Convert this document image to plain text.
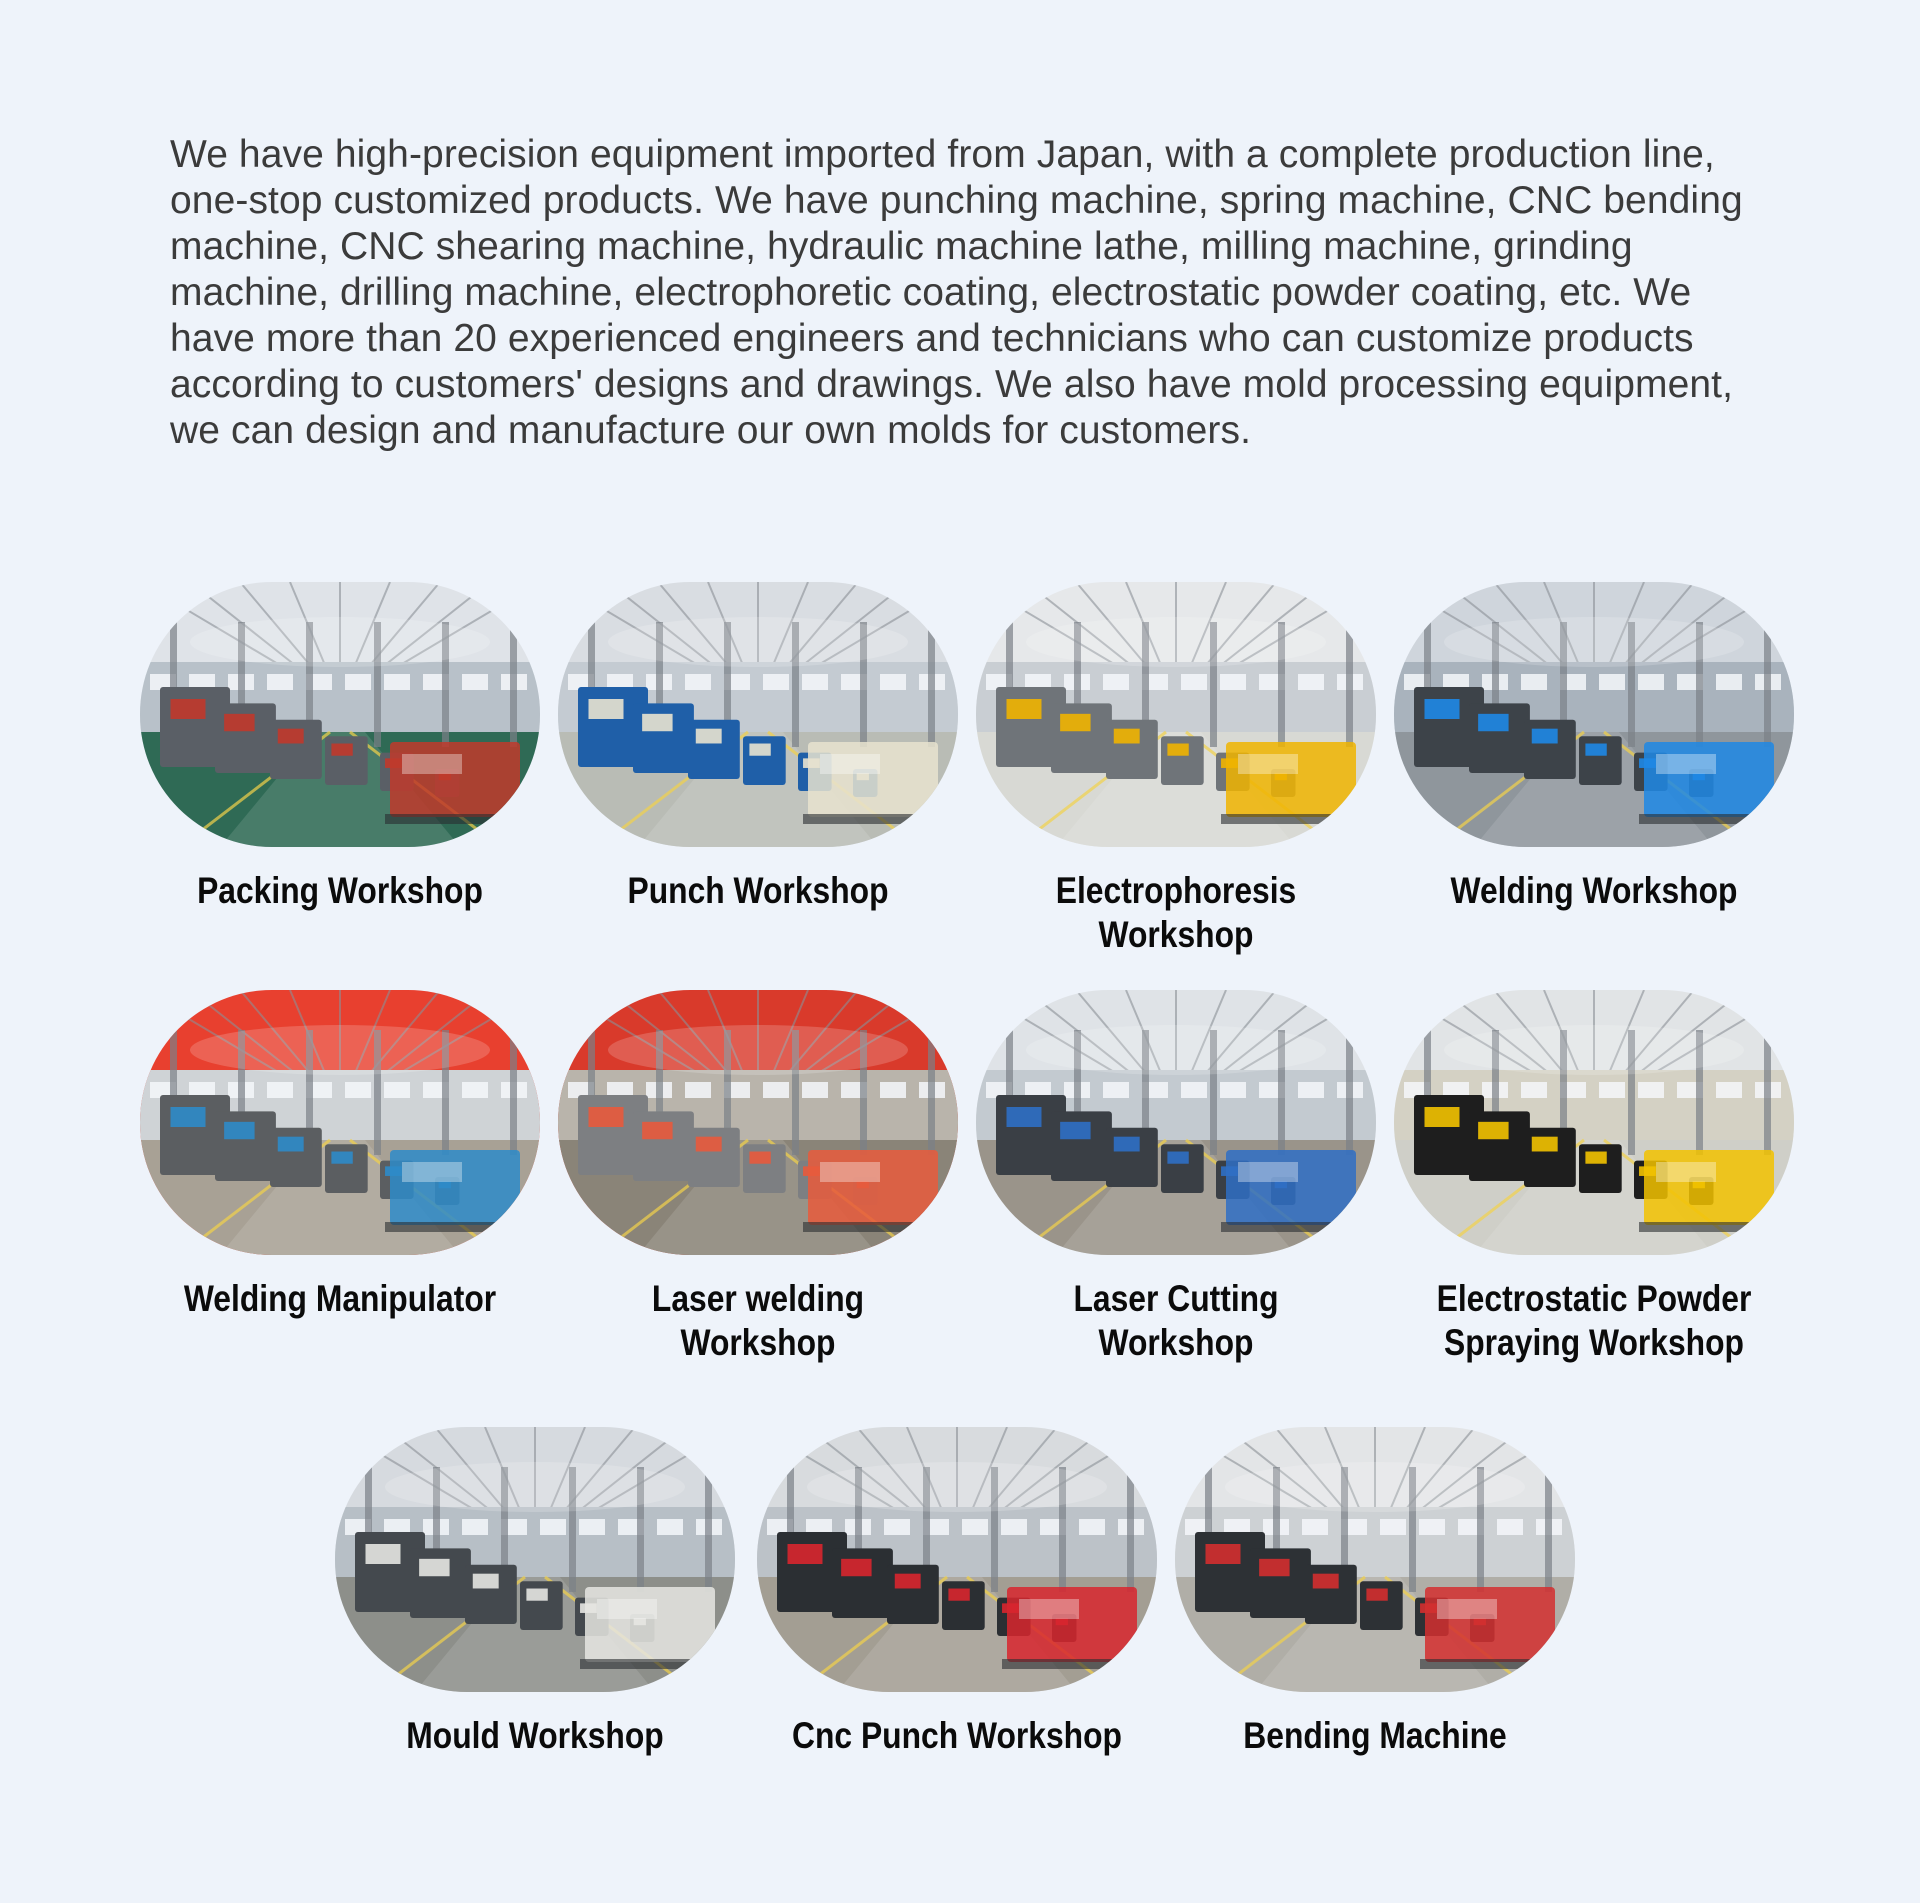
We have high-precision equipment imported from Japan, with a complete production line, one-stop customized products. We have punching machine, spring machine, CNC bending machine, CNC shearing machine, hydraulic machine lathe, milling machine, grinding machine, drilling machine, electrophoretic coating, electrostatic powder coating, etc. We have more than 20 experienced engineers and technicians who can customize products according to customers' designs and drawings. We also have mold processing equipment, we can design and manufacture our own molds for customers.

Packing Workshop	Punch Workshop	Electrophoresis
Workshop
Welding Workshop
Welding Manipulator	Laser welding
Workshop
Laser Cutting
Workshop
Electrostatic Powder
Spraying Workshop
Mould Workshop	Cnc Punch Workshop	Bending Machine
